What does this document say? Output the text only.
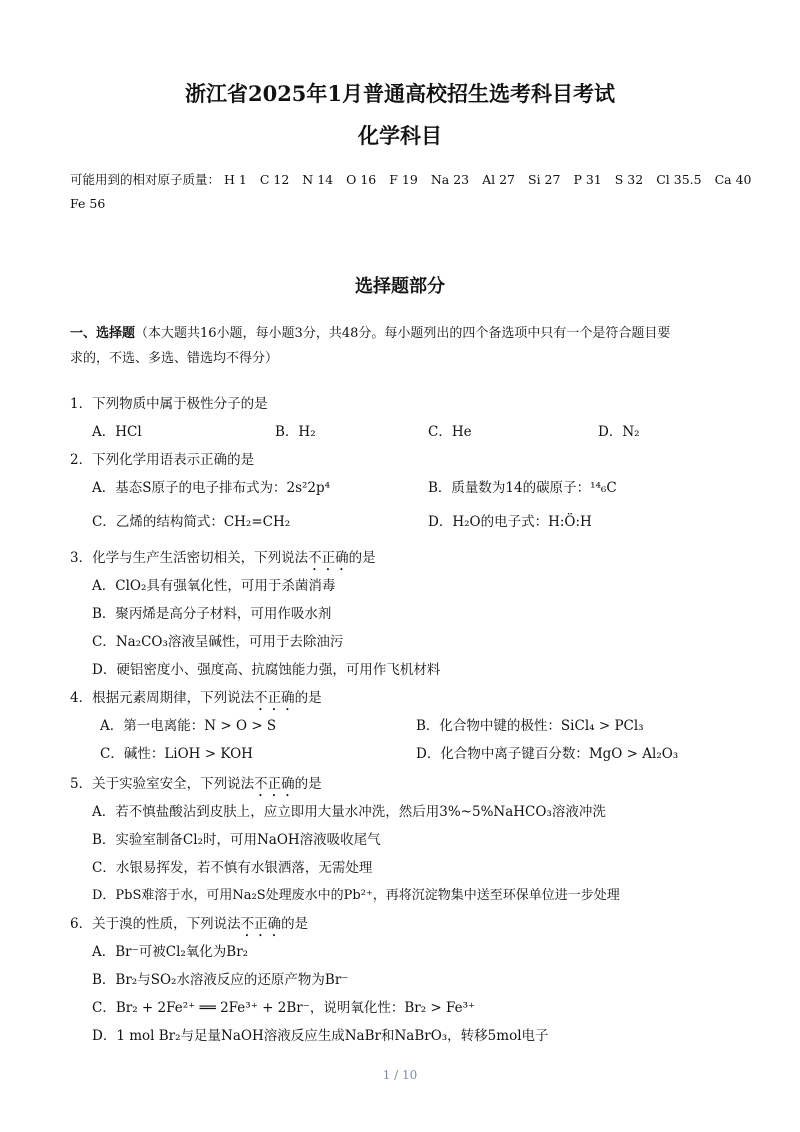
浙江省2025年1月普通高校招生选考科目考试
化学科目
可能用到的相对原子质量： H 1 C 12 N 14 O 16 F 19 Na 23 Al 27 Si 27 P 31 S 32 Cl 35.5 Ca 40
Fe 56
选择题部分
一、选择题（本大题共16小题，每小题3分，共48分。每小题列出的四个备选项中只有一个是符合题目要
求的，不选、多选、错选均不得分）
1．下列物质中属于极性分子的是
A．HCl	B．H₂	C．He	D．N₂
2．下列化学用语表示正确的是
A．基态S原子的电子排布式为：2s²2p⁴	B．质量数为14的碳原子：¹⁴₆C
C．乙烯的结构简式：CH₂=CH₂	D．H₂O的电子式：H:Ö:H
3．化学与生产生活密切相关，下列说法不正确的是
A．ClO₂具有强氧化性，可用于杀菌消毒
B．聚丙烯是高分子材料，可用作吸水剂
C．Na₂CO₃溶液呈碱性，可用于去除油污
D．硬铝密度小、强度高、抗腐蚀能力强，可用作飞机材料
4．根据元素周期律，下列说法不正确的是
A．第一电离能：N > O > S	B．化合物中键的极性：SiCl₄ > PCl₃
C．碱性：LiOH > KOH	D．化合物中离子键百分数：MgO > Al₂O₃
5．关于实验室安全，下列说法不正确的是
A．若不慎盐酸沾到皮肤上，应立即用大量水冲洗，然后用3%~5%NaHCO₃溶液冲洗
B．实验室制备Cl₂时，可用NaOH溶液吸收尾气
C．水银易挥发，若不慎有水银洒落，无需处理
D．PbS难溶于水，可用Na₂S处理废水中的Pb²⁺，再将沉淀物集中送至环保单位进一步处理
6．关于溴的性质，下列说法不正确的是
A．Br⁻可被Cl₂氧化为Br₂
B．Br₂与SO₂水溶液反应的还原产物为Br⁻
C．Br₂ + 2Fe²⁺ ══ 2Fe³⁺ + 2Br⁻，说明氧化性：Br₂ > Fe³⁺
D．1 mol Br₂与足量NaOH溶液反应生成NaBr和NaBrO₃，转移5mol电子
1 / 10
